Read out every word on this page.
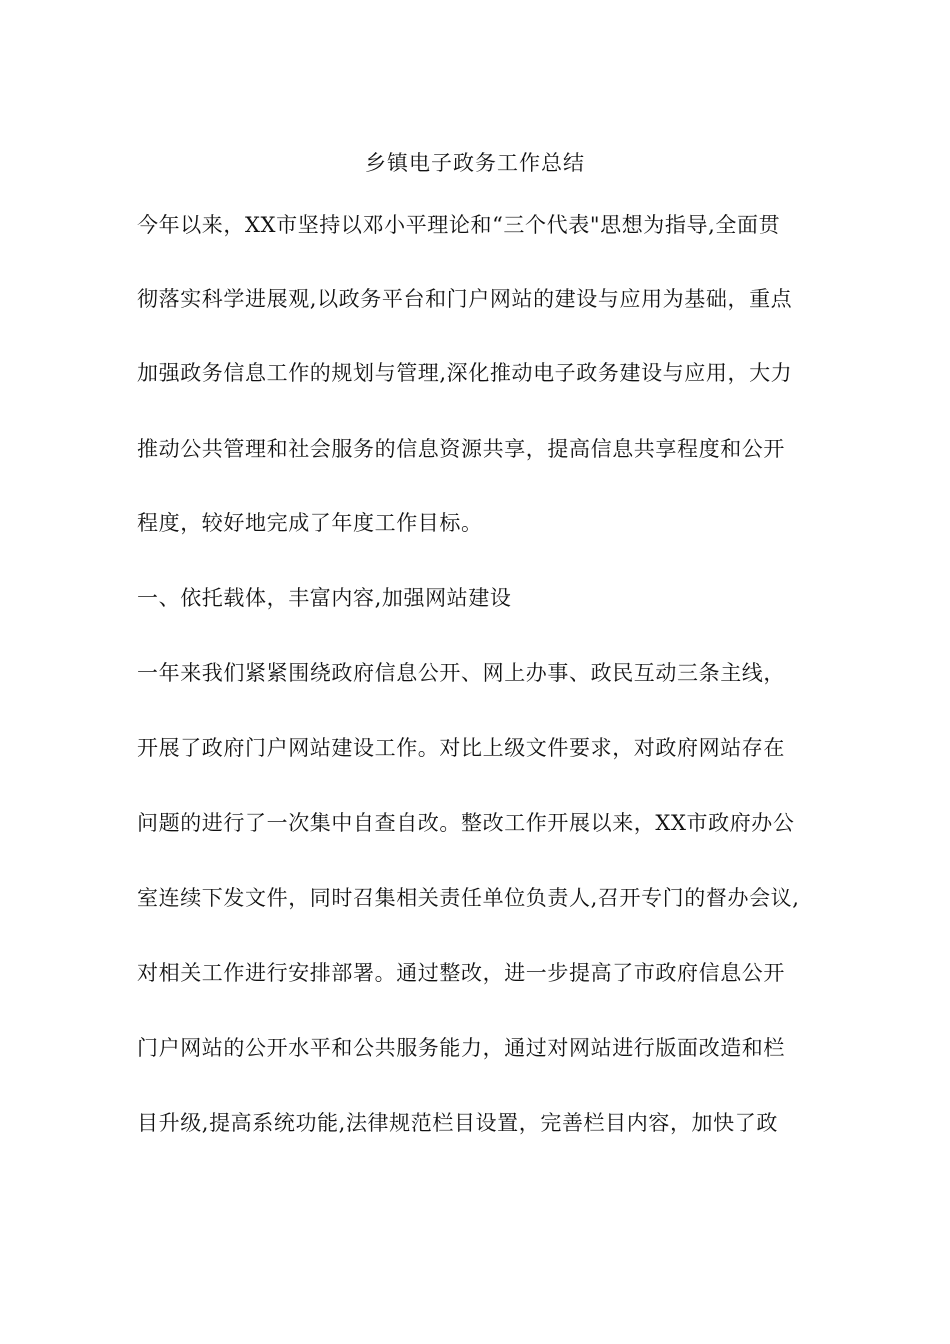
乡镇电子政务工作总结
今年以来，XX市坚持以邓小平理论和“三个代表"思想为指导,全面贯
彻落实科学进展观,以政务平台和门户网站的建设与应用为基础，重点
加强政务信息工作的规划与管理,深化推动电子政务建设与应用，大力
推动公共管理和社会服务的信息资源共享，提高信息共享程度和公开
程度，较好地完成了年度工作目标。
一、依托载体，丰富内容,加强网站建设
一年来我们紧紧围绕政府信息公开、网上办事、政民互动三条主线，
开展了政府门户网站建设工作。对比上级文件要求，对政府网站存在
问题的进行了一次集中自查自改。整改工作开展以来，XX市政府办公
室连续下发文件，同时召集相关责任单位负责人,召开专门的督办会议,
对相关工作进行安排部署。通过整改，进一步提高了市政府信息公开
门户网站的公开水平和公共服务能力，通过对网站进行版面改造和栏
目升级,提高系统功能,法律规范栏目设置，完善栏目内容，加快了政
